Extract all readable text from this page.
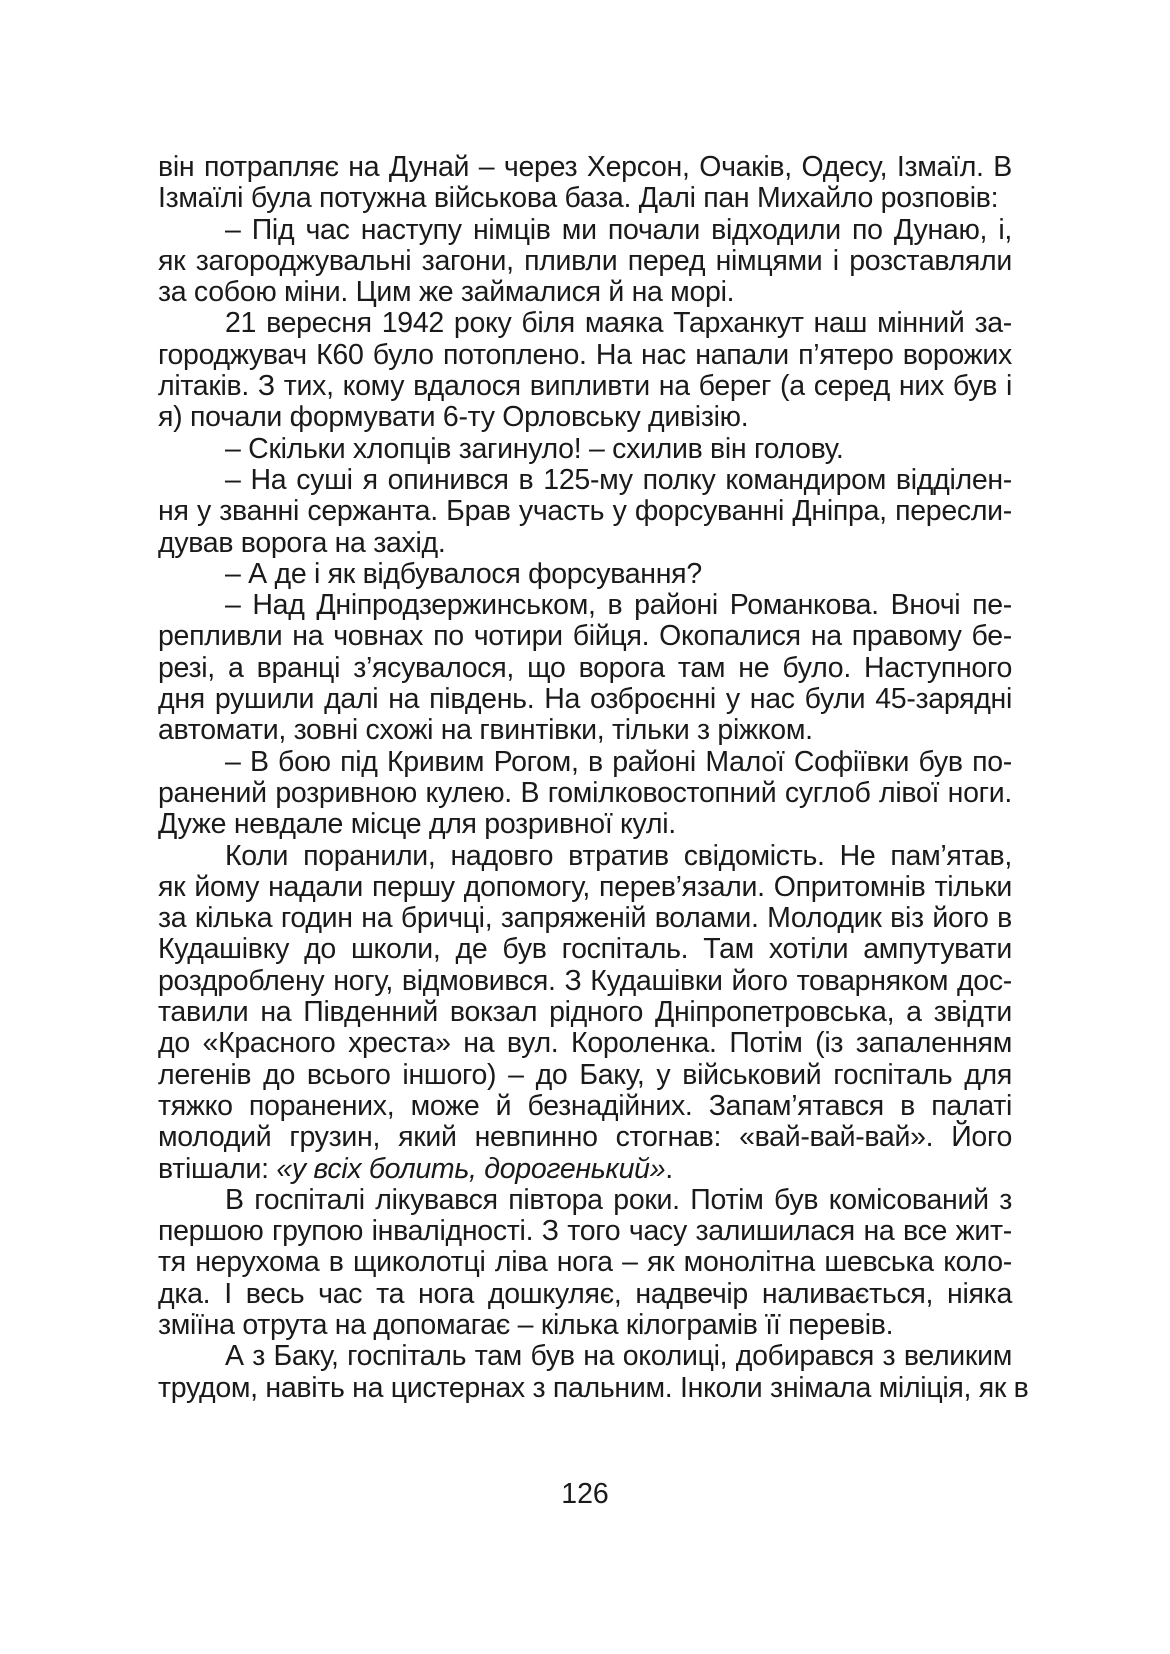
він потрапляє на Дунай – через Херсон, Очаків, Одесу, Ізмаїл. В
Ізмаїлі була потужна військова база. Далі пан Михайло розповів:
– Під час наступу німців ми почали відходили по Дунаю, і,
як загороджувальні загони, пливли перед німцями і розставляли
за собою міни. Цим же займалися й на морі.
21 вересня 1942 року біля маяка Тарханкут наш мінний за-
городжувач К60 було потоплено. На нас напали п’ятеро ворожих
літаків. З тих, кому вдалося випливти на берег (а серед них був і
я) почали формувати 6-ту Орловську дивізію.
– Скільки хлопців загинуло! – схилив він голову.
– На суші я опинився в 125-му полку командиром відділен-
ня у званні сержанта. Брав участь у форсуванні Дніпра, пересли-
дував ворога на захід.
– А де і як відбувалося форсування?
– Над Дніпродзержинськом, в районі Романкова. Вночі пе-
репливли на човнах по чотири бійця. Окопалися на правому бе-
резі, а вранці з’ясувалося, що ворога там не було. Наступного
дня рушили далі на південь. На озброєнні у нас були 45-зарядні
автомати, зовні схожі на гвинтівки, тільки з ріжком.
– В бою під Кривим Рогом, в районі Малої Софіївки був по-
ранений розривною кулею. В гомілковостопний суглоб лівої ноги.
Дуже невдале місце для розривної кулі.
Коли поранили, надовго втратив свідомість. Не пам’ятав,
як йому надали першу допомогу, перев’язали. Опритомнів тільки
за кілька годин на бричці, запряженій волами. Молодик віз його в
Кудашівку до школи, де був госпіталь. Там хотіли ампутувати
роздроблену ногу, відмовився. З Кудашівки його товарняком дос-
тавили на Південний вокзал рідного Дніпропетровська, а звідти
до «Красного хреста» на вул. Короленка. Потім (із запаленням
легенів до всього іншого) – до Баку, у військовий госпіталь для
тяжко поранених, може й безнадійних. Запам’ятався в палаті
молодий грузин, який невпинно стогнав: «вай-вай-вай». Його
втішали: «у всіх болить, дорогенький».
В госпіталі лікувався півтора роки. Потім був комісований з
першою групою інвалідності. З того часу залишилася на все жит-
тя нерухома в щиколотці ліва нога – як монолітна шевська коло-
дка. І весь час та нога дошкуляє, надвечір наливається, ніяка
зміїна отрута на допомагає – кілька кілограмів її перевів.
А з Баку, госпіталь там був на околиці, добирався з великим
трудом, навіть на цистернах з пальним. Інколи знімала міліція, як в
126
